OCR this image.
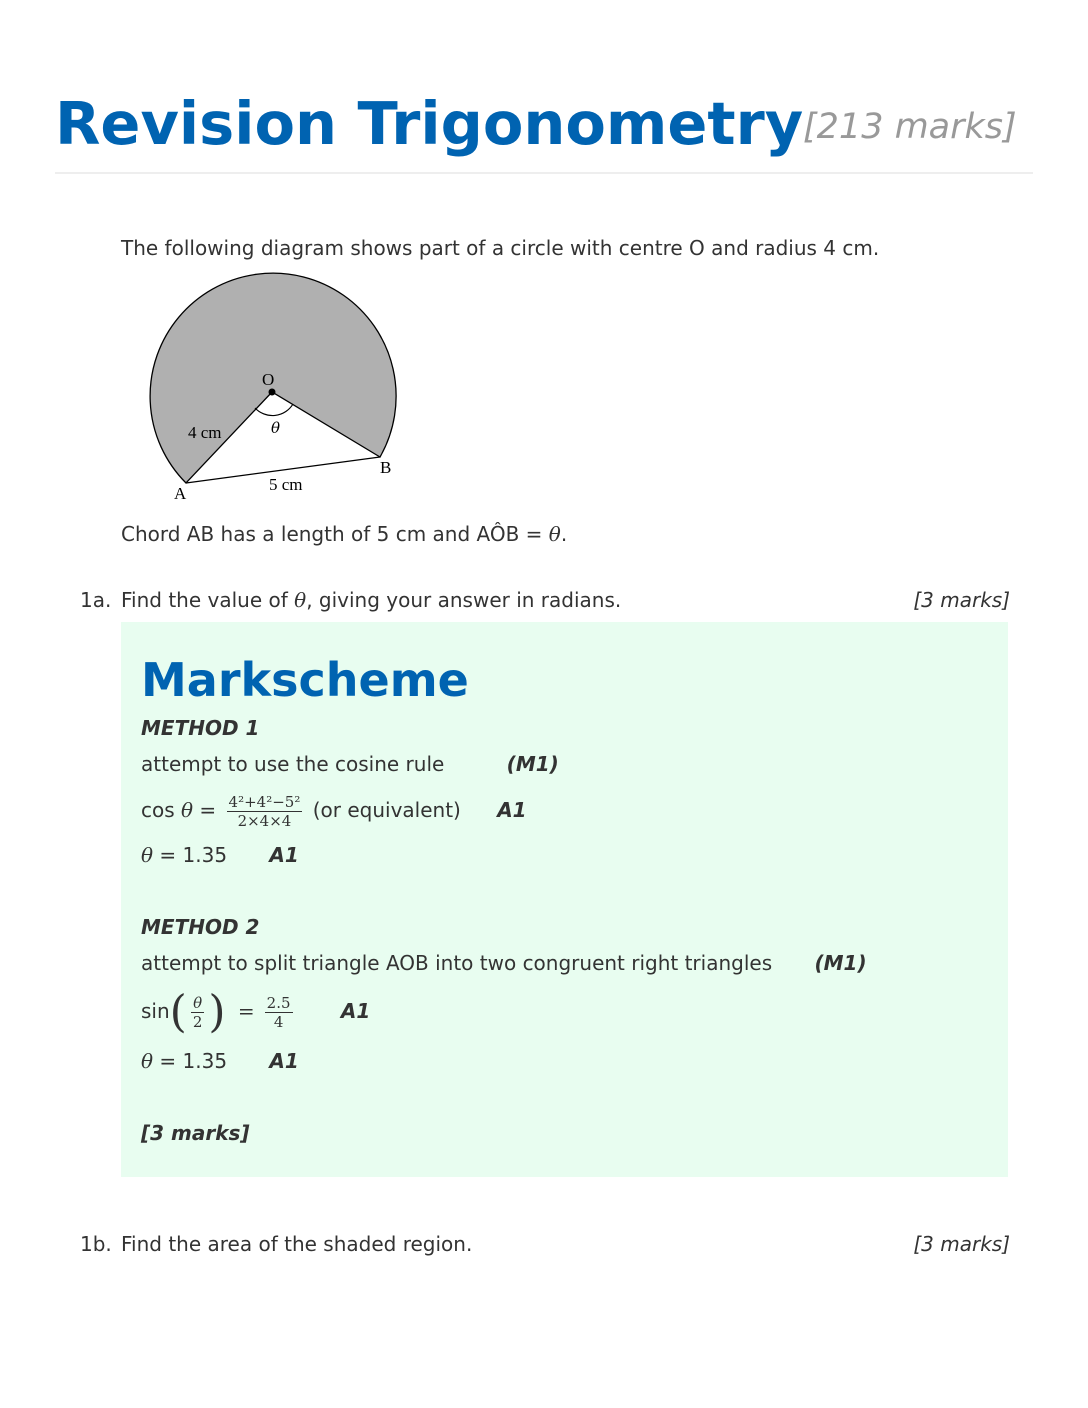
Revision Trigonometry [213 marks]
The following diagram shows part of a circle with centre O and radius 4 cm.
O
θ
4 cm
A
B
5 cm
Chord AB has a length of 5 cm and AÔB = θ.
1a. Find the value of θ, giving your answer in radians.	[3 marks]
Markscheme
METHOD 1
attempt to use the cosine rule	(M1)
$\cos \theta = \frac{\text{4²+4²−5²}}{2\times 4\times 4} (or$ equivalent) A1
θ = 1.35 A1
METHOD 2
attempt to split triangle AOB into two congruent right triangles (M1)
$\sin( \frac{\theta}{2}$ ) = $\frac{2.5}{4} A1$
θ = 1.35 A1
[3 marks]
1b. Find the area of the shaded region.	[3 marks]
